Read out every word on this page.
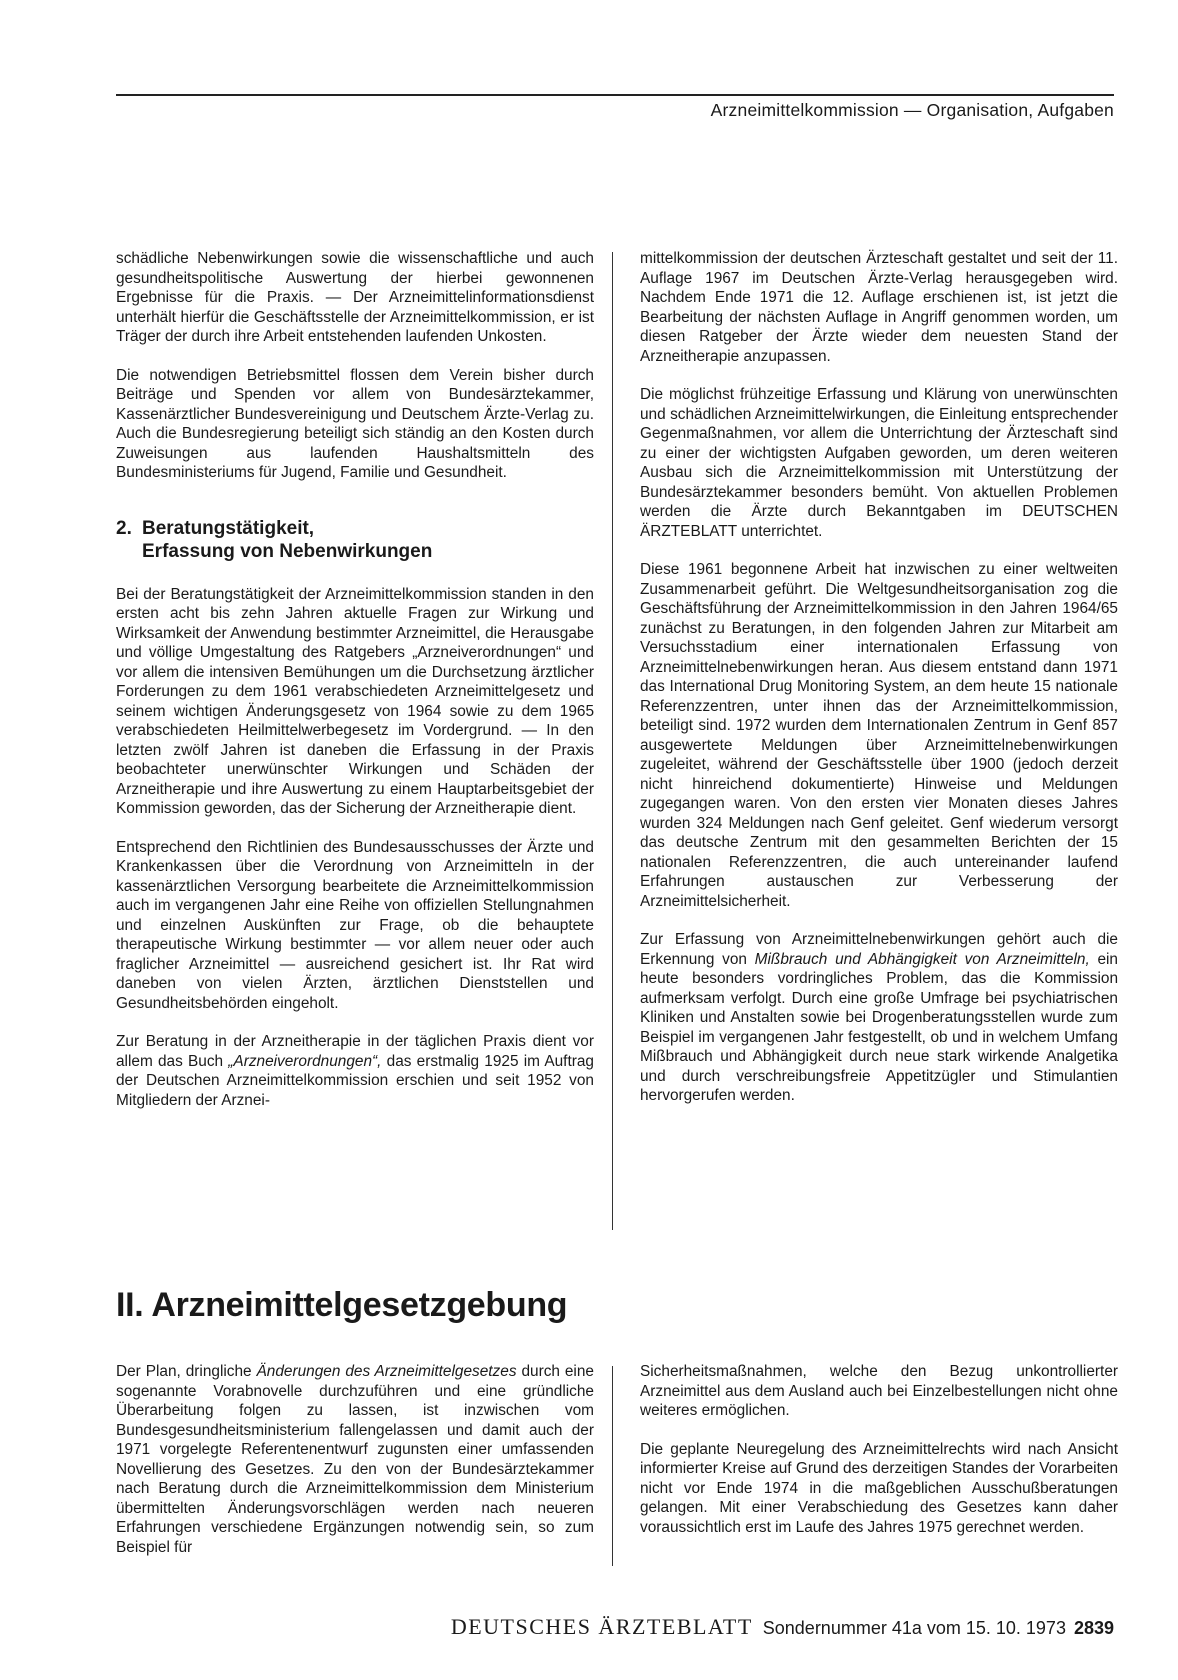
Arzneimittelkommission — Organisation, Aufgaben

schädliche Nebenwirkungen sowie die wissenschaftliche und auch gesundheitspolitische Auswertung der hierbei gewonnenen Ergebnisse für die Praxis. — Der Arzneimittelinformationsdienst unterhält hierfür die Geschäftsstelle der Arzneimittelkommission, er ist Träger der durch ihre Arbeit entstehenden laufenden Unkosten.

Die notwendigen Betriebsmittel flossen dem Verein bisher durch Beiträge und Spenden vor allem von Bundesärztekammer, Kassenärztlicher Bundesvereinigung und Deutschem Ärzte-Verlag zu. Auch die Bundesregierung beteiligt sich ständig an den Kosten durch Zuweisungen aus laufenden Haushaltsmitteln des Bundesministeriums für Jugend, Familie und Gesundheit.

2. Beratungstätigkeit,
Erfassung von Nebenwirkungen

Bei der Beratungstätigkeit der Arzneimittelkommission standen in den ersten acht bis zehn Jahren aktuelle Fragen zur Wirkung und Wirksamkeit der Anwendung bestimmter Arzneimittel, die Herausgabe und völlige Umgestaltung des Ratgebers „Arzneiverordnungen“ und vor allem die intensiven Bemühungen um die Durchsetzung ärztlicher Forderungen zu dem 1961 verabschiedeten Arzneimittelgesetz und seinem wichtigen Änderungsgesetz von 1964 sowie zu dem 1965 verabschiedeten Heilmittelwerbegesetz im Vordergrund. — In den letzten zwölf Jahren ist daneben die Erfassung in der Praxis beobachteter unerwünschter Wirkungen und Schäden der Arzneitherapie und ihre Auswertung zu einem Hauptarbeitsgebiet der Kommission geworden, das der Sicherung der Arzneitherapie dient.

Entsprechend den Richtlinien des Bundesausschusses der Ärzte und Krankenkassen über die Verordnung von Arzneimitteln in der kassenärztlichen Versorgung bearbeitete die Arzneimittelkommission auch im vergangenen Jahr eine Reihe von offiziellen Stellungnahmen und einzelnen Auskünften zur Frage, ob die behauptete therapeutische Wirkung bestimmter — vor allem neuer oder auch fraglicher Arzneimittel — ausreichend gesichert ist. Ihr Rat wird daneben von vielen Ärzten, ärztlichen Dienststellen und Gesundheitsbehörden eingeholt.

Zur Beratung in der Arzneitherapie in der täglichen Praxis dient vor allem das Buch „Arzneiverordnungen“, das erstmalig 1925 im Auftrag der Deutschen Arzneimittelkommission erschien und seit 1952 von Mitgliedern der Arznei-

mittelkommission der deutschen Ärzteschaft gestaltet und seit der 11. Auflage 1967 im Deutschen Ärzte-Verlag herausgegeben wird. Nachdem Ende 1971 die 12. Auflage erschienen ist, ist jetzt die Bearbeitung der nächsten Auflage in Angriff genommen worden, um diesen Ratgeber der Ärzte wieder dem neuesten Stand der Arzneitherapie anzupassen.

Die möglichst frühzeitige Erfassung und Klärung von unerwünschten und schädlichen Arzneimittelwirkungen, die Einleitung entsprechender Gegenmaßnahmen, vor allem die Unterrichtung der Ärzteschaft sind zu einer der wichtigsten Aufgaben geworden, um deren weiteren Ausbau sich die Arzneimittelkommission mit Unterstützung der Bundesärztekammer besonders bemüht. Von aktuellen Problemen werden die Ärzte durch Bekanntgaben im DEUTSCHEN ÄRZTEBLATT unterrichtet.

Diese 1961 begonnene Arbeit hat inzwischen zu einer weltweiten Zusammenarbeit geführt. Die Weltgesundheitsorganisation zog die Geschäftsführung der Arzneimittelkommission in den Jahren 1964/65 zunächst zu Beratungen, in den folgenden Jahren zur Mitarbeit am Versuchsstadium einer internationalen Erfassung von Arzneimittelnebenwirkungen heran. Aus diesem entstand dann 1971 das International Drug Monitoring System, an dem heute 15 nationale Referenzzentren, unter ihnen das der Arzneimittelkommission, beteiligt sind. 1972 wurden dem Internationalen Zentrum in Genf 857 ausgewertete Meldungen über Arzneimittelnebenwirkungen zugeleitet, während der Geschäftsstelle über 1900 (jedoch derzeit nicht hinreichend dokumentierte) Hinweise und Meldungen zugegangen waren. Von den ersten vier Monaten dieses Jahres wurden 324 Meldungen nach Genf geleitet. Genf wiederum versorgt das deutsche Zentrum mit den gesammelten Berichten der 15 nationalen Referenzzentren, die auch untereinander laufend Erfahrungen austauschen zur Verbesserung der Arzneimittelsicherheit.

Zur Erfassung von Arzneimittelnebenwirkungen gehört auch die Erkennung von Mißbrauch und Abhängigkeit von Arzneimitteln, ein heute besonders vordringliches Problem, das die Kommission aufmerksam verfolgt. Durch eine große Umfrage bei psychiatrischen Kliniken und Anstalten sowie bei Drogenberatungsstellen wurde zum Beispiel im vergangenen Jahr festgestellt, ob und in welchem Umfang Mißbrauch und Abhängigkeit durch neue stark wirkende Analgetika und durch verschreibungsfreie Appetitzügler und Stimulantien hervorgerufen werden.

II. Arzneimittelgesetzgebung

Der Plan, dringliche Änderungen des Arzneimittelgesetzes durch eine sogenannte Vorabnovelle durchzuführen und eine gründliche Überarbeitung folgen zu lassen, ist inzwischen vom Bundesgesundheitsministerium fallengelassen und damit auch der 1971 vorgelegte Referentenentwurf zugunsten einer umfassenden Novellierung des Gesetzes. Zu den von der Bundesärztekammer nach Beratung durch die Arzneimittelkommission dem Ministerium übermittelten Änderungsvorschlägen werden nach neueren Erfahrungen verschiedene Ergänzungen notwendig sein, so zum Beispiel für

Sicherheitsmaßnahmen, welche den Bezug unkontrollierter Arzneimittel aus dem Ausland auch bei Einzelbestellungen nicht ohne weiteres ermöglichen.

Die geplante Neuregelung des Arzneimittelrechts wird nach Ansicht informierter Kreise auf Grund des derzeitigen Standes der Vorarbeiten nicht vor Ende 1974 in die maßgeblichen Ausschußberatungen gelangen. Mit einer Verabschiedung des Gesetzes kann daher voraussichtlich erst im Laufe des Jahres 1975 gerechnet werden.

DEUTSCHES ÄRZTEBLATT Sondernummer 41a vom 15. 10. 1973 2839
